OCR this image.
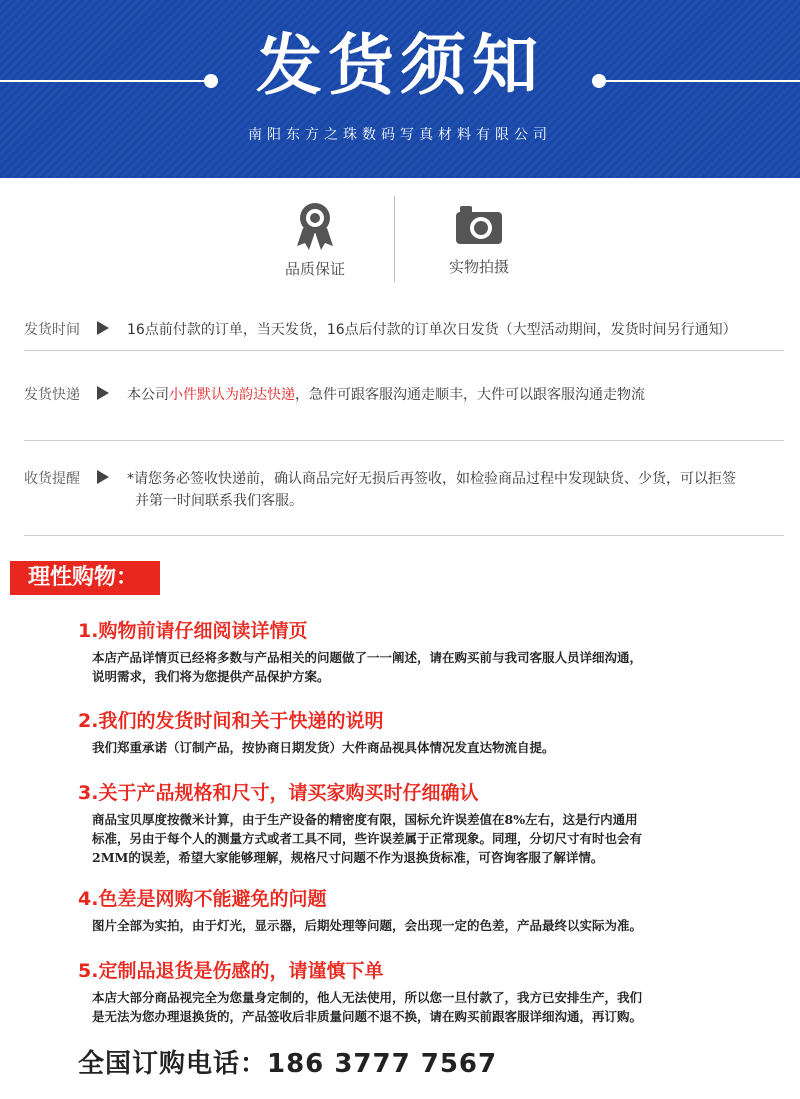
发货须知
南阳东方之珠数码写真材料有限公司
品质保证	实物拍摄
发货时间	16点前付款的订单，当天发货，16点后付款的订单次日发货（大型活动期间，发货时间另行通知）
发货快递	本公司小件默认为韵达快递，急件可跟客服沟通走顺丰，大件可以跟客服沟通走物流
收货提醒	*请您务必签收快递前，确认商品完好无损后再签收，如检验商品过程中发现缺货、少货，可以拒签
并第一时间联系我们客服。
理性购物：
1.购物前请仔细阅读详情页
本店产品详情页已经将多数与产品相关的问题做了一一阐述，请在购买前与我司客服人员详细沟通，
说明需求，我们将为您提供产品保护方案。
2.我们的发货时间和关于快递的说明
我们郑重承诺（订制产品，按协商日期发货）大件商品视具体情况发直达物流自提。
3.关于产品规格和尺寸，请买家购买时仔细确认
商品宝贝厚度按微米计算，由于生产设备的精密度有限，国标允许误差值在8%左右，这是行内通用
标准，另由于每个人的测量方式或者工具不同，些许误差属于正常现象。同理，分切尺寸有时也会有
2MM的误差，希望大家能够理解，规格尺寸问题不作为退换货标准，可咨询客服了解详情。
4.色差是网购不能避免的问题
图片全部为实拍，由于灯光，显示器，后期处理等问题，会出现一定的色差，产品最终以实际为准。
5.定制品退货是伤感的，请谨慎下单
本店大部分商品视完全为您量身定制的，他人无法使用，所以您一旦付款了，我方已安排生产，我们
是无法为您办理退换货的，产品签收后非质量问题不退不换，请在购买前跟客服详细沟通，再订购。
全国订购电话：186 3777 7567
